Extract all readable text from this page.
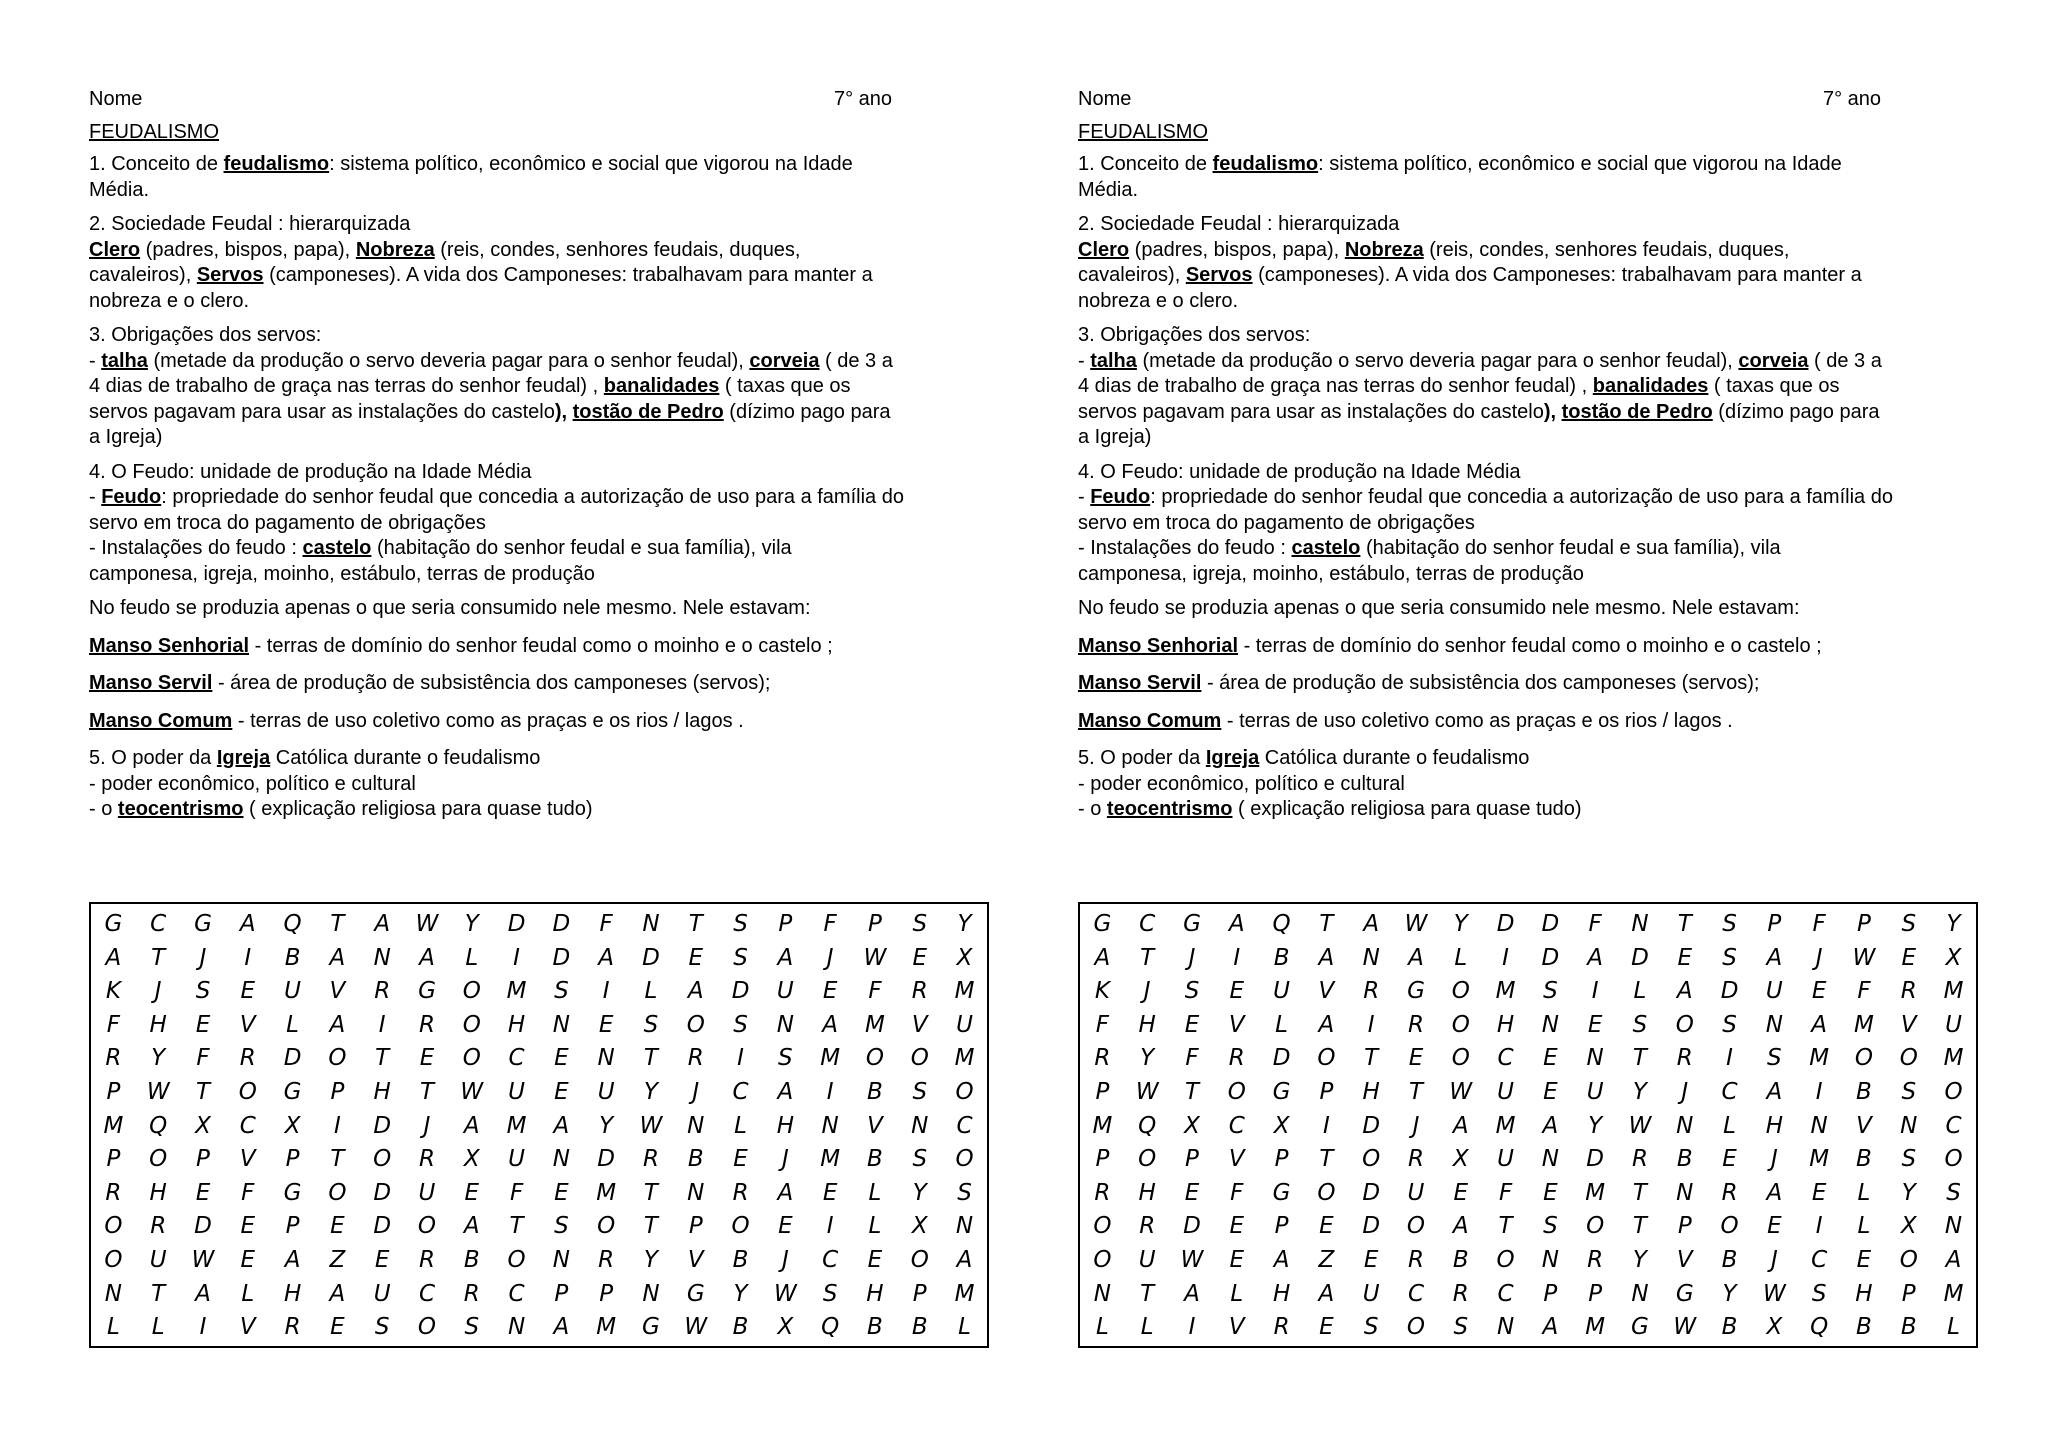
Nome	7° ano
FEUDALISMO
1. Conceito de feudalismo: sistema político, econômico e social que vigorou na Idade
Média.
2. Sociedade Feudal : hierarquizada
Clero (padres, bispos, papa), Nobreza (reis, condes, senhores feudais, duques,
cavaleiros), Servos (camponeses). A vida dos Camponeses: trabalhavam para manter a
nobreza e o clero.
3. Obrigações dos servos:
- talha (metade da produção o servo deveria pagar para o senhor feudal), corveia ( de 3 a
4 dias de trabalho de graça nas terras do senhor feudal) , banalidades ( taxas que os
servos pagavam para usar as instalações do castelo), tostão de Pedro (dízimo pago para
a Igreja)
4. O Feudo: unidade de produção na Idade Média
- Feudo: propriedade do senhor feudal que concedia a autorização de uso para a família do
servo em troca do pagamento de obrigações
- Instalações do feudo : castelo (habitação do senhor feudal e sua família), vila
camponesa, igreja, moinho, estábulo, terras de produção
No feudo se produzia apenas o que seria consumido nele mesmo. Nele estavam:
Manso Senhorial - terras de domínio do senhor feudal como o moinho e o castelo ;
Manso Servil - área de produção de subsistência dos camponeses (servos);
Manso Comum - terras de uso coletivo como as praças e os rios / lagos .
5. O poder da Igreja Católica durante o feudalismo
- poder econômico, político e cultural
- o teocentrismo ( explicação religiosa para quase tudo)
G	C	G	A	Q	T	A	W	Y	D	D	F	N	T	S	P	F	P	S	Y
A	T	J	I	B	A	N	A	L	I	D	A	D	E	S	A	J	W	E	X
K	J	S	E	U	V	R	G	O	M	S	I	L	A	D	U	E	F	R	M
F	H	E	V	L	A	I	R	O	H	N	E	S	O	S	N	A	M	V	U
R	Y	F	R	D	O	T	E	O	C	E	N	T	R	I	S	M	O	O	M
P	W	T	O	G	P	H	T	W	U	E	U	Y	J	C	A	I	B	S	O
M	Q	X	C	X	I	D	J	A	M	A	Y	W	N	L	H	N	V	N	C
P	O	P	V	P	T	O	R	X	U	N	D	R	B	E	J	M	B	S	O
R	H	E	F	G	O	D	U	E	F	E	M	T	N	R	A	E	L	Y	S
O	R	D	E	P	E	D	O	A	T	S	O	T	P	O	E	I	L	X	N
O	U	W	E	A	Z	E	R	B	O	N	R	Y	V	B	J	C	E	O	A
N	T	A	L	H	A	U	C	R	C	P	P	N	G	Y	W	S	H	P	M
L	L	I	V	R	E	S	O	S	N	A	M	G	W	B	X	Q	B	B	L
Nome	7° ano
FEUDALISMO
1. Conceito de feudalismo: sistema político, econômico e social que vigorou na Idade
Média.
2. Sociedade Feudal : hierarquizada
Clero (padres, bispos, papa), Nobreza (reis, condes, senhores feudais, duques,
cavaleiros), Servos (camponeses). A vida dos Camponeses: trabalhavam para manter a
nobreza e o clero.
3. Obrigações dos servos:
- talha (metade da produção o servo deveria pagar para o senhor feudal), corveia ( de 3 a
4 dias de trabalho de graça nas terras do senhor feudal) , banalidades ( taxas que os
servos pagavam para usar as instalações do castelo), tostão de Pedro (dízimo pago para
a Igreja)
4. O Feudo: unidade de produção na Idade Média
- Feudo: propriedade do senhor feudal que concedia a autorização de uso para a família do
servo em troca do pagamento de obrigações
- Instalações do feudo : castelo (habitação do senhor feudal e sua família), vila
camponesa, igreja, moinho, estábulo, terras de produção
No feudo se produzia apenas o que seria consumido nele mesmo. Nele estavam:
Manso Senhorial - terras de domínio do senhor feudal como o moinho e o castelo ;
Manso Servil - área de produção de subsistência dos camponeses (servos);
Manso Comum - terras de uso coletivo como as praças e os rios / lagos .
5. O poder da Igreja Católica durante o feudalismo
- poder econômico, político e cultural
- o teocentrismo ( explicação religiosa para quase tudo)
G	C	G	A	Q	T	A	W	Y	D	D	F	N	T	S	P	F	P	S	Y
A	T	J	I	B	A	N	A	L	I	D	A	D	E	S	A	J	W	E	X
K	J	S	E	U	V	R	G	O	M	S	I	L	A	D	U	E	F	R	M
F	H	E	V	L	A	I	R	O	H	N	E	S	O	S	N	A	M	V	U
R	Y	F	R	D	O	T	E	O	C	E	N	T	R	I	S	M	O	O	M
P	W	T	O	G	P	H	T	W	U	E	U	Y	J	C	A	I	B	S	O
M	Q	X	C	X	I	D	J	A	M	A	Y	W	N	L	H	N	V	N	C
P	O	P	V	P	T	O	R	X	U	N	D	R	B	E	J	M	B	S	O
R	H	E	F	G	O	D	U	E	F	E	M	T	N	R	A	E	L	Y	S
O	R	D	E	P	E	D	O	A	T	S	O	T	P	O	E	I	L	X	N
O	U	W	E	A	Z	E	R	B	O	N	R	Y	V	B	J	C	E	O	A
N	T	A	L	H	A	U	C	R	C	P	P	N	G	Y	W	S	H	P	M
L	L	I	V	R	E	S	O	S	N	A	M	G	W	B	X	Q	B	B	L
